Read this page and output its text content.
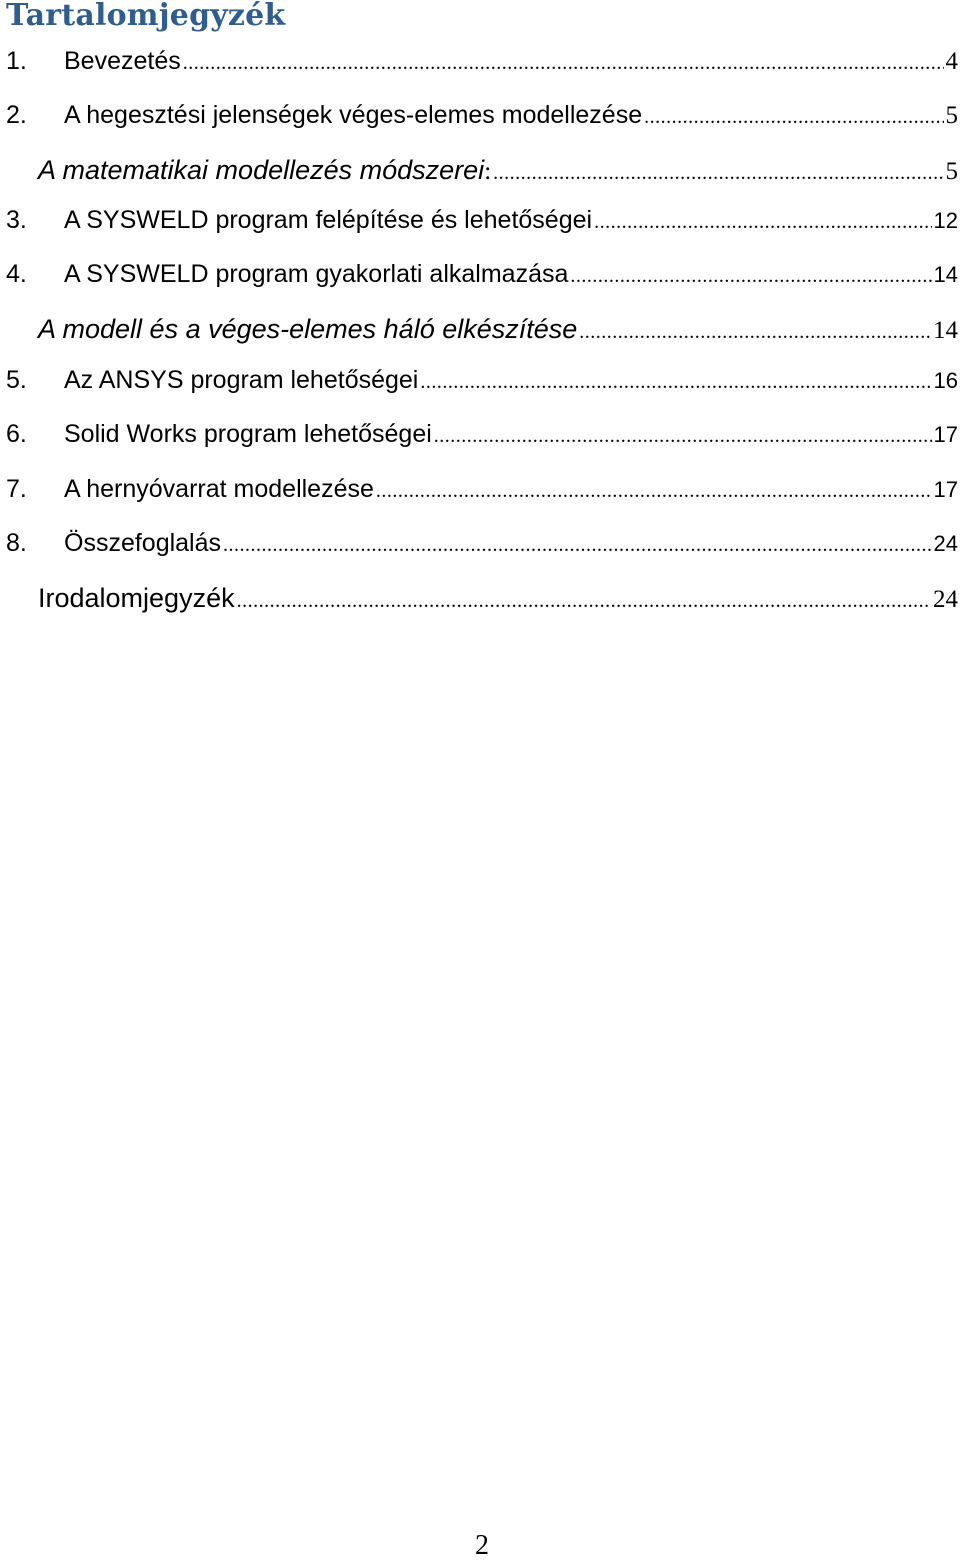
Tartalomjegyzék
1.	Bevezetés .....	4
2.	A hegesztési jelenségek véges-elemes modellezése .....	5
A matematikai modellezés módszerei : .....	5
3.	A SYSWELD program felépítése és lehetőségei .....	12
4.	A SYSWELD program gyakorlati alkalmazása .....	14
A modell és a véges-elemes háló elkészítése .....	14
5.	Az ANSYS program lehetőségei .....	16
6.	Solid Works program lehetőségei .....	17
7.	A hernyóvarrat modellezése .....	17
8.	Összefoglalás .....	24
Irodalomjegyzék .....	24
2
